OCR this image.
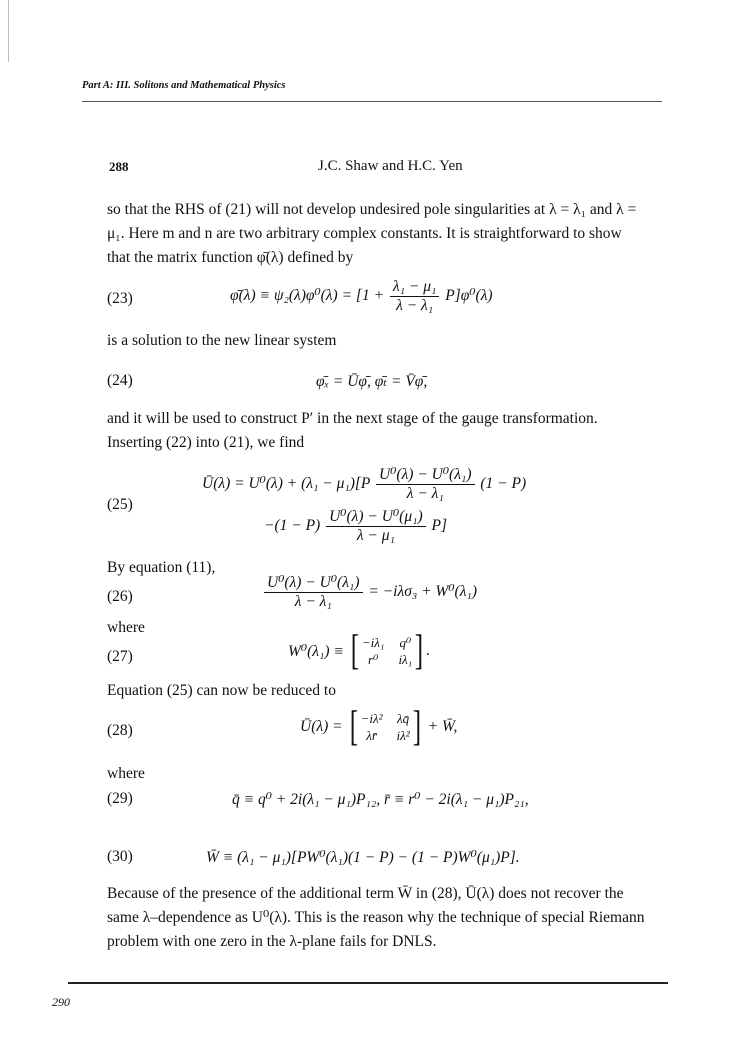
Part A: III. Solitons and Mathematical Physics
288	J.C. Shaw and H.C. Yen
so that the RHS of (21) will not develop undesired pole singularities at λ = λ₁ and λ = μ₁. Here m and n are two arbitrary complex constants. It is straightforward to show that the matrix function φ̄(λ) defined by
(23)	φ̄(λ) ≡ $\psi_2(\lambda)\varphi^0(\lambda) = [1 + \frac{\text{λ₁ − μ₁}}{\text{λ − λ₁}} P]\varphi^0(\lambda)$
is a solution to the new linear system
(24)	φ̄ₓ = Ūφ̄, φ̄ₜ = V̄φ̄,
and it will be used to construct P′ in the next stage of the gauge transformation. Inserting (22) into (21), we find
(25)
Ū(λ) = $U^0(\lambda) + (\lambda_1 - \mu_1)[P \frac{\text{U⁰(λ) − U⁰(λ₁)}}{\text{λ − λ₁}} (1 - P)$
$-(1 - P) \frac{\text{U⁰(λ) − U⁰(μ₁)}}{\text{λ − μ₁}} P$]
By equation (11),
(26)	$\frac{\text{U⁰(λ) − U⁰(λ₁)}}{\text{λ − λ₁}} = -i\lambda\sigma_3 + W^0(\lambda_1)$
where
(27)	W⁰(λ₁) ≡ [ −iλ₁ q⁰
r⁰	iλ₁ ] .
Equation (25) can now be reduced to
(28)	Ū(λ) = [ −iλ² λq̄
λr̄	iλ² ] + W̄,
where
(29)	q̄ ≡ q⁰ + 2i(λ₁ − μ₁)P₁₂, r̄ ≡ r⁰ − 2i(λ₁ − μ₁)P₂₁,
(30)	W̄ ≡ (λ₁ − μ₁)[PW⁰(λ₁)(1 − P) − (1 − P)W⁰(μ₁)P].
Because of the presence of the additional term W̄ in (28), Ū(λ) does not recover the same λ–dependence as U⁰(λ). This is the reason why the technique of special Riemann problem with one zero in the λ-plane fails for DNLS.
290
